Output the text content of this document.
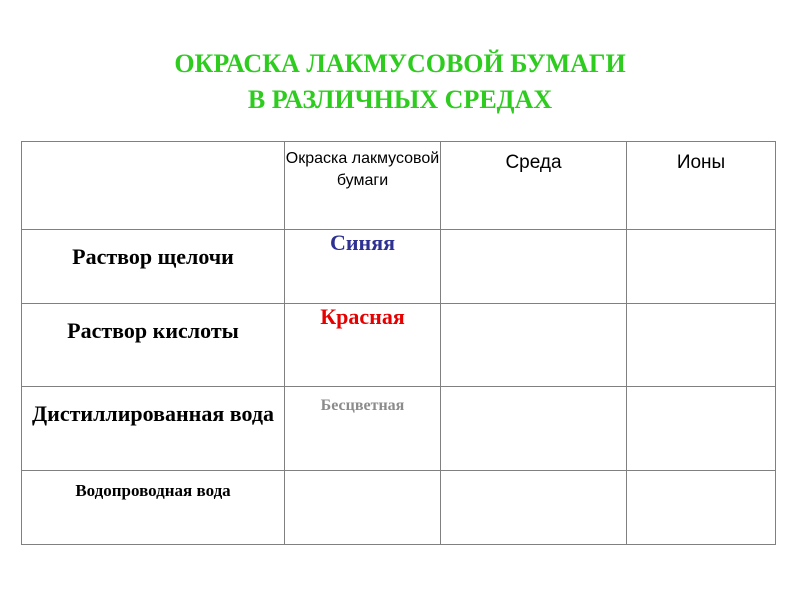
ОКРАСКА ЛАКМУСОВОЙ БУМАГИ
В РАЗЛИЧНЫХ СРЕДАХ
	Окраска лакмусовой бумаги	Среда	Ионы
Раствор щелочи	Синяя		
Раствор кислоты	Красная		
Дистиллированная вода	Бесцветная		
Водопроводная вода			
